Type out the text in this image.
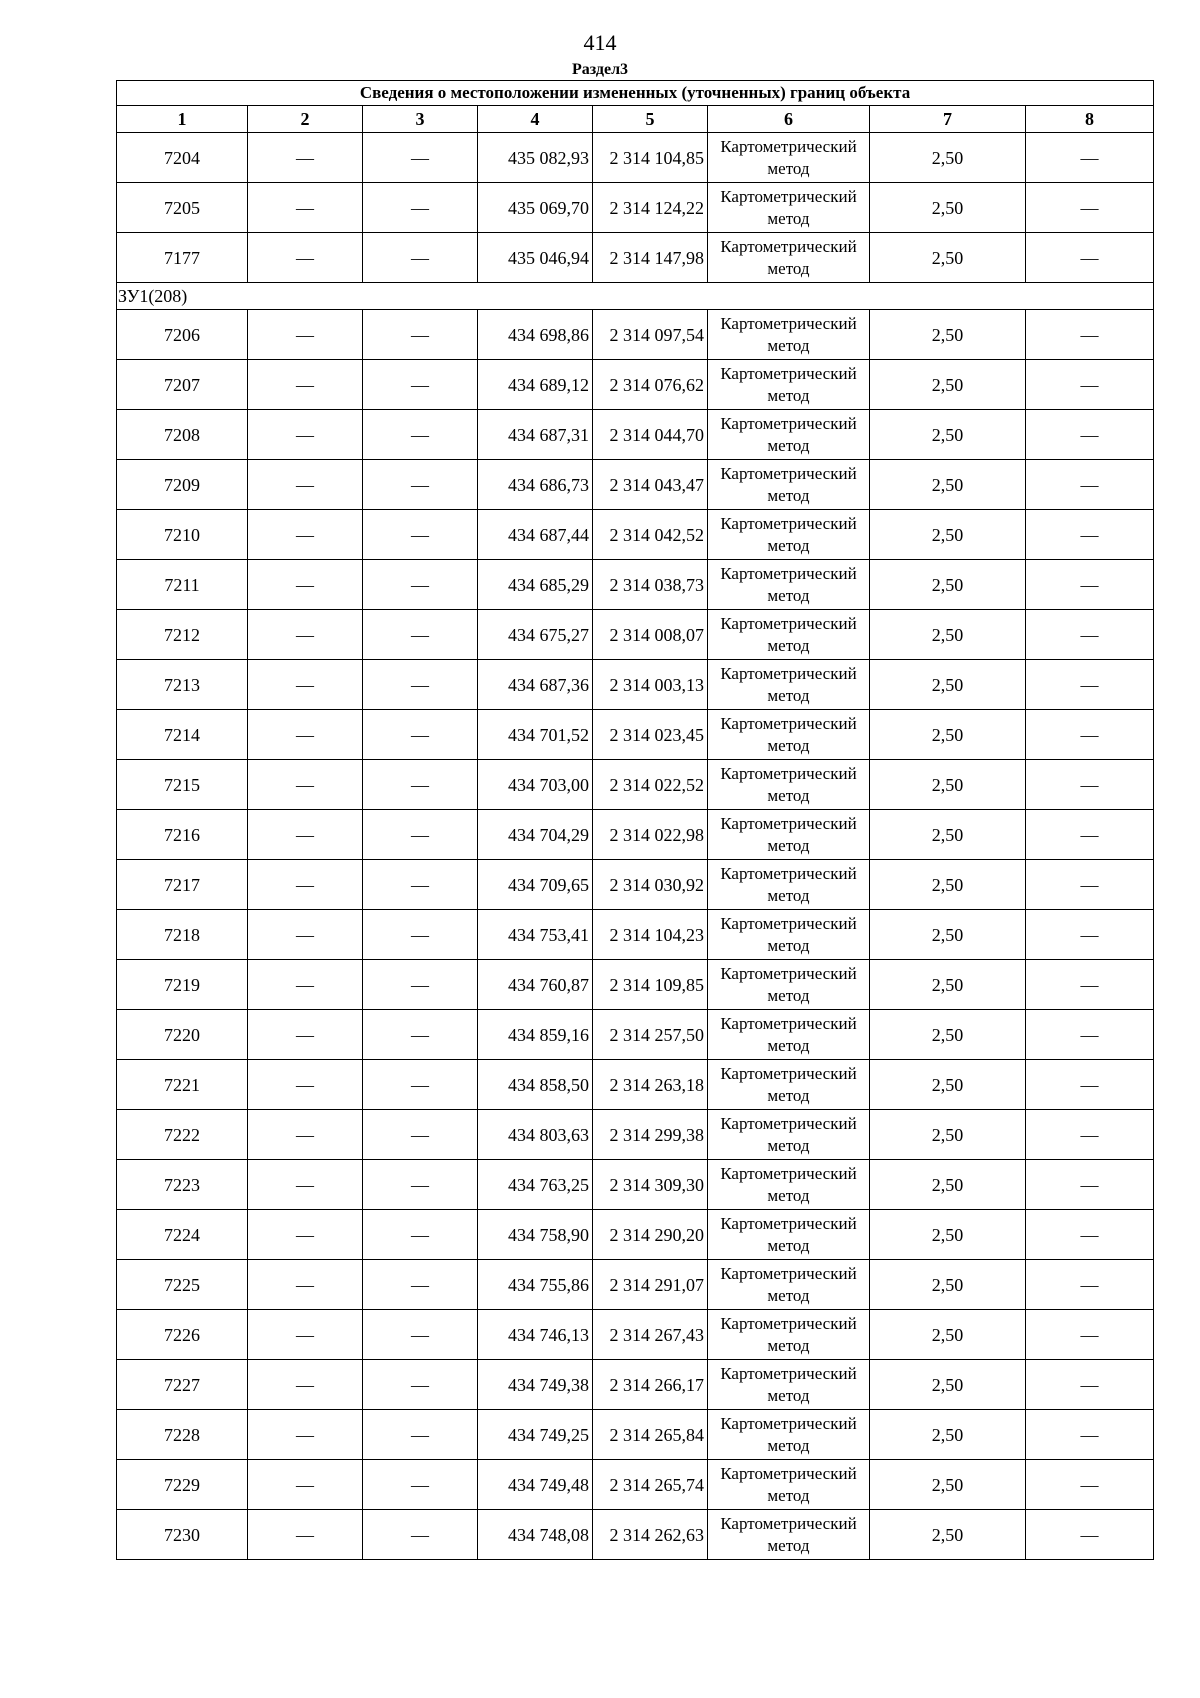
414
Раздел3
Сведения о местоположении измененных (уточненных) границ объекта							
1	2	3	4	5	6	7	8
7204	—	—	435 082,93	2 314 104,85	Картометрический метод	2,50	—
7205	—	—	435 069,70	2 314 124,22	Картометрический метод	2,50	—
7177	—	—	435 046,94	2 314 147,98	Картометрический метод	2,50	—
ЗУ1(208)							
7206	—	—	434 698,86	2 314 097,54	Картометрический метод	2,50	—
7207	—	—	434 689,12	2 314 076,62	Картометрический метод	2,50	—
7208	—	—	434 687,31	2 314 044,70	Картометрический метод	2,50	—
7209	—	—	434 686,73	2 314 043,47	Картометрический метод	2,50	—
7210	—	—	434 687,44	2 314 042,52	Картометрический метод	2,50	—
7211	—	—	434 685,29	2 314 038,73	Картометрический метод	2,50	—
7212	—	—	434 675,27	2 314 008,07	Картометрический метод	2,50	—
7213	—	—	434 687,36	2 314 003,13	Картометрический метод	2,50	—
7214	—	—	434 701,52	2 314 023,45	Картометрический метод	2,50	—
7215	—	—	434 703,00	2 314 022,52	Картометрический метод	2,50	—
7216	—	—	434 704,29	2 314 022,98	Картометрический метод	2,50	—
7217	—	—	434 709,65	2 314 030,92	Картометрический метод	2,50	—
7218	—	—	434 753,41	2 314 104,23	Картометрический метод	2,50	—
7219	—	—	434 760,87	2 314 109,85	Картометрический метод	2,50	—
7220	—	—	434 859,16	2 314 257,50	Картометрический метод	2,50	—
7221	—	—	434 858,50	2 314 263,18	Картометрический метод	2,50	—
7222	—	—	434 803,63	2 314 299,38	Картометрический метод	2,50	—
7223	—	—	434 763,25	2 314 309,30	Картометрический метод	2,50	—
7224	—	—	434 758,90	2 314 290,20	Картометрический метод	2,50	—
7225	—	—	434 755,86	2 314 291,07	Картометрический метод	2,50	—
7226	—	—	434 746,13	2 314 267,43	Картометрический метод	2,50	—
7227	—	—	434 749,38	2 314 266,17	Картометрический метод	2,50	—
7228	—	—	434 749,25	2 314 265,84	Картометрический метод	2,50	—
7229	—	—	434 749,48	2 314 265,74	Картометрический метод	2,50	—
7230	—	—	434 748,08	2 314 262,63	Картометрический метод	2,50	—
